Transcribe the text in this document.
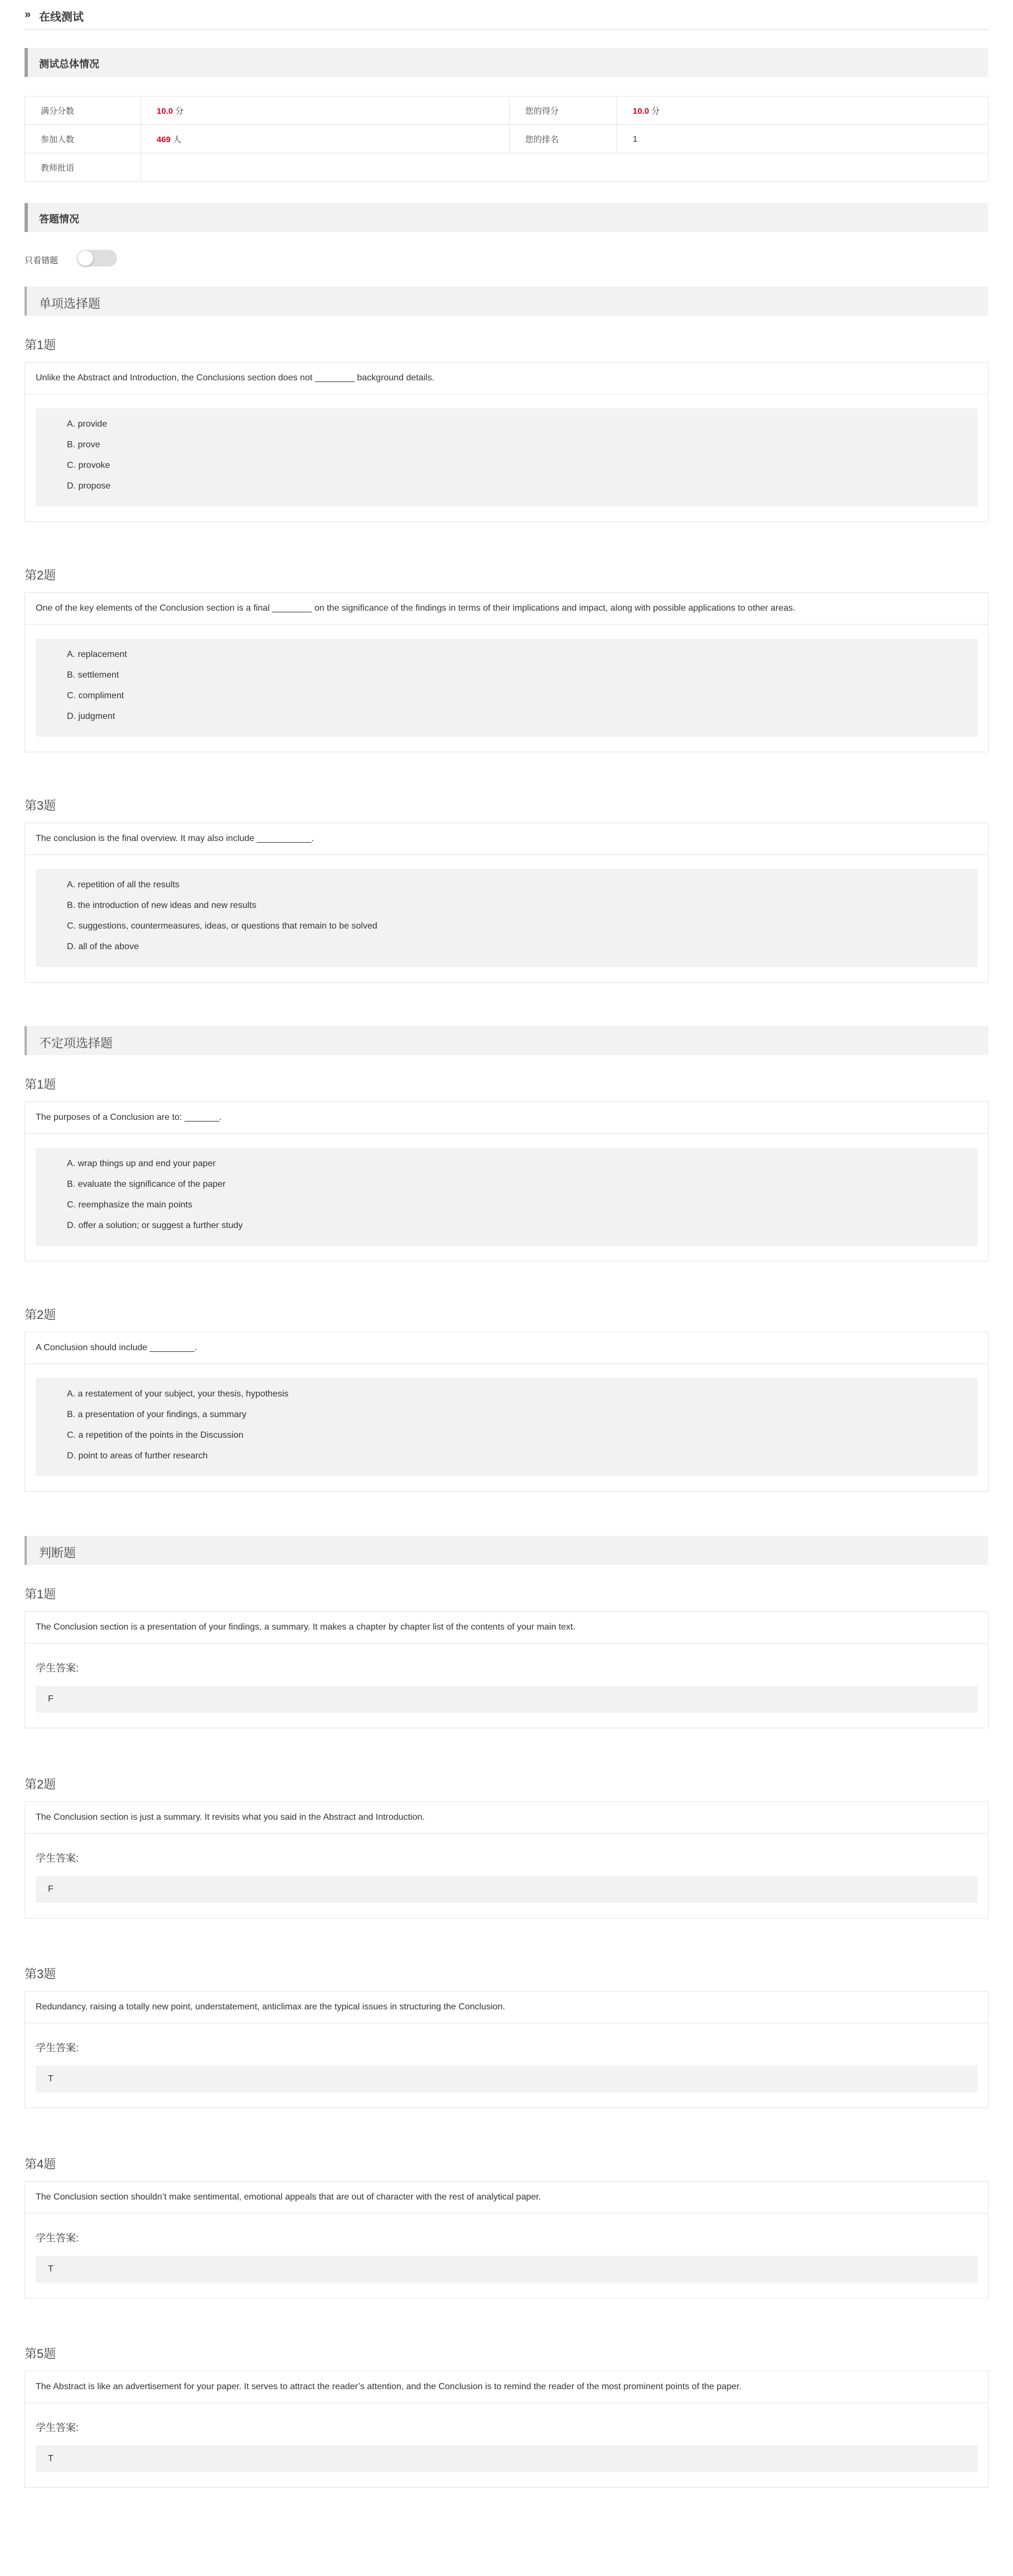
» 在线测试
测试总体情况
满分分数	10.0 分	您的得分	10.0 分
参加人数	469 人	您的排名	1
教师批语			
答题情况
只看错题
单项选择题
第1题
Unlike the Abstract and Introduction, the Conclusions section does not ________ background details.
A. provide
B. prove
C. provoke
D. propose
第2题
One of the key elements of the Conclusion section is a final ________ on the significance of the findings in terms of their implications and impact, along with possible applications to other areas.
A. replacement
B. settlement
C. compliment
D. judgment
第3题
The conclusion is the final overview. It may also include ___________.
A. repetition of all the results
B. the introduction of new ideas and new results
C. suggestions, countermeasures, ideas, or questions that remain to be solved
D. all of the above
不定项选择题
第1题
The purposes of a Conclusion are to: _______.
A. wrap things up and end your paper
B. evaluate the significance of the paper
C. reemphasize the main points
D. offer a solution; or suggest a further study
第2题
A Conclusion should include _________.
A. a restatement of your subject, your thesis, hypothesis
B. a presentation of your findings, a summary
C. a repetition of the points in the Discussion
D. point to areas of further research
判断题
第1题
The Conclusion section is a presentation of your findings, a summary. It makes a chapter by chapter list of the contents of your main text.
学生答案:
F
第2题
The Conclusion section is just a summary. It revisits what you said in the Abstract and Introduction.
学生答案:
F
第3题
Redundancy, raising a totally new point, understatement, anticlimax are the typical issues in structuring the Conclusion.
学生答案:
T
第4题
The Conclusion section shouldn’t make sentimental, emotional appeals that are out of character with the rest of analytical paper.
学生答案:
T
第5题
The Abstract is like an advertisement for your paper. It serves to attract the reader’s attention, and the Conclusion is to remind the reader of the most prominent points of the paper.
学生答案:
T
